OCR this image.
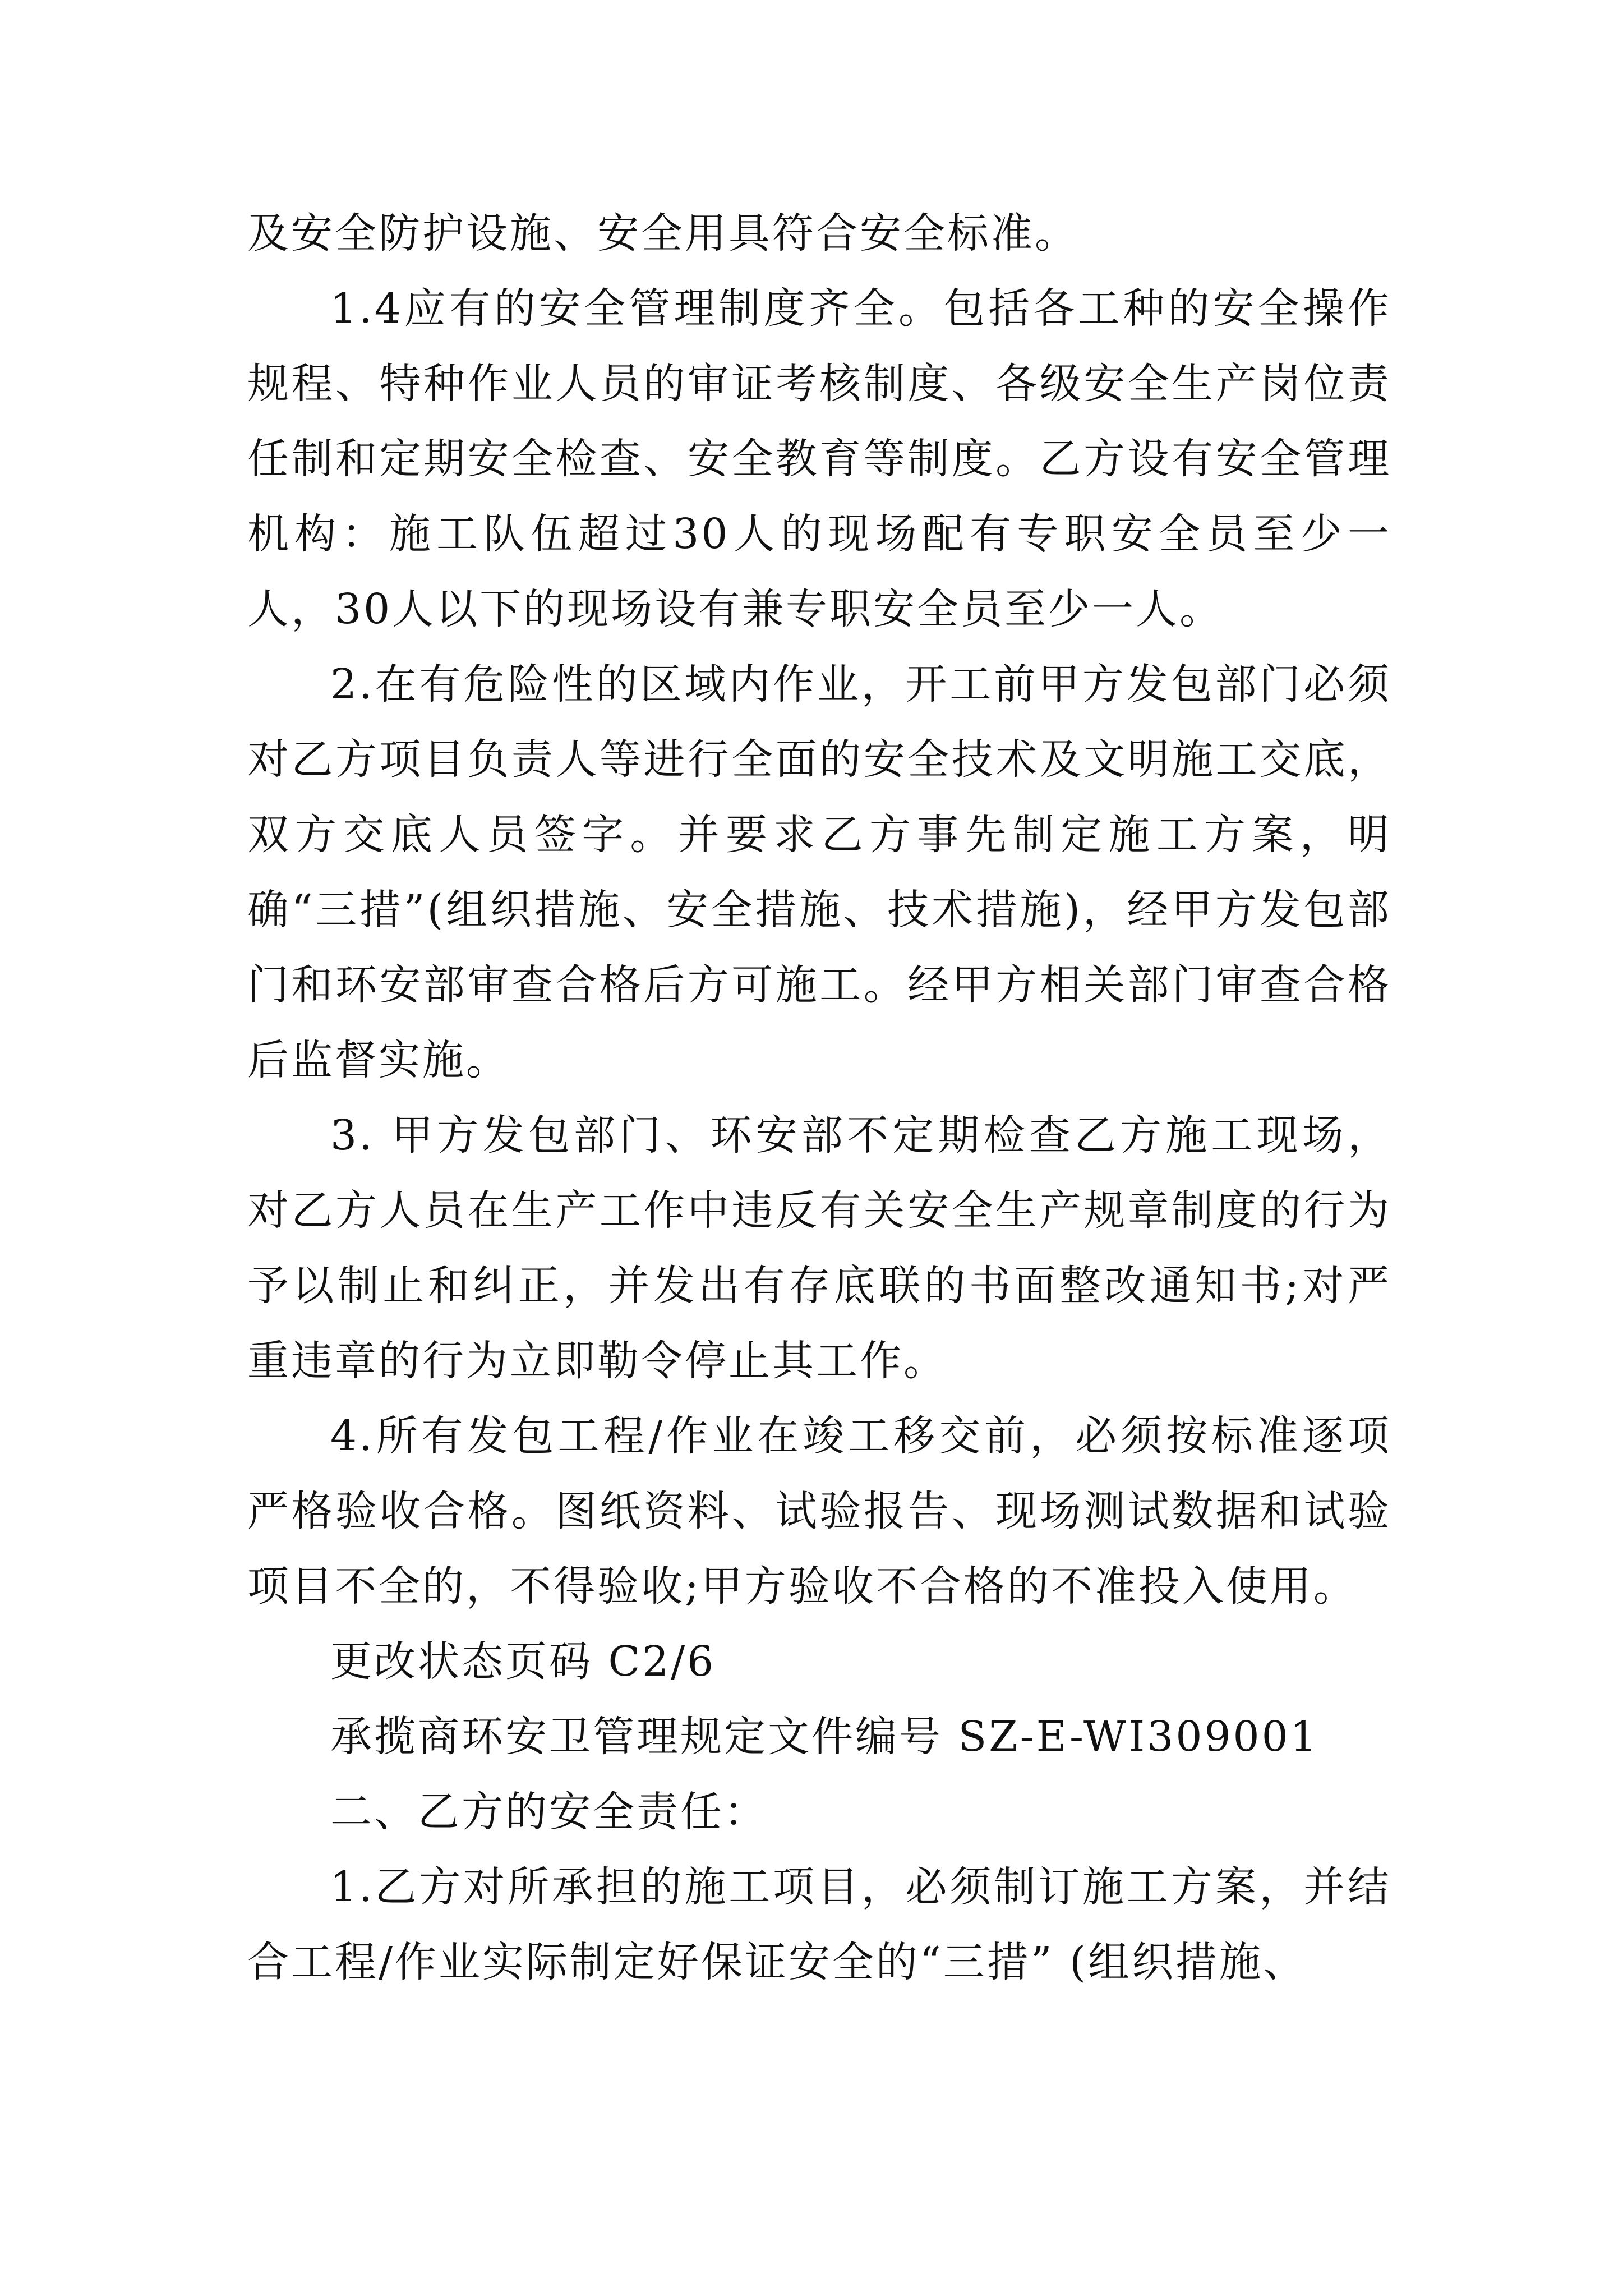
及安全防护设施、安全用具符合安全标准。

1.4应有的安全管理制度齐全。包括各工种的安全操作规程、特种作业人员的审证考核制度、各级安全生产岗位责任制和定期安全检查、安全教育等制度。乙方设有安全管理机构：施工队伍超过30人的现场配有专职安全员至少一人，30人以下的现场设有兼专职安全员至少一人。

2.在有危险性的区域内作业，开工前甲方发包部门必须对乙方项目负责人等进行全面的安全技术及文明施工交底，双方交底人员签字。并要求乙方事先制定施工方案，明确“三措”(组织措施、安全措施、技术措施)，经甲方发包部门和环安部审查合格后方可施工。经甲方相关部门审查合格后监督实施。

3. 甲方发包部门、环安部不定期检查乙方施工现场，对乙方人员在生产工作中违反有关安全生产规章制度的行为予以制止和纠正，并发出有存底联的书面整改通知书;对严重违章的行为立即勒令停止其工作。

4.所有发包工程/作业在竣工移交前，必须按标准逐项严格验收合格。图纸资料、试验报告、现场测试数据和试验项目不全的，不得验收;甲方验收不合格的不准投入使用。

更改状态页码 C2/6

承揽商环安卫管理规定文件编号 SZ-E-WI309001

二、乙方的安全责任：

1.乙方对所承担的施工项目，必须制订施工方案，并结合工程/作业实际制定好保证安全的“三措” (组织措施、
